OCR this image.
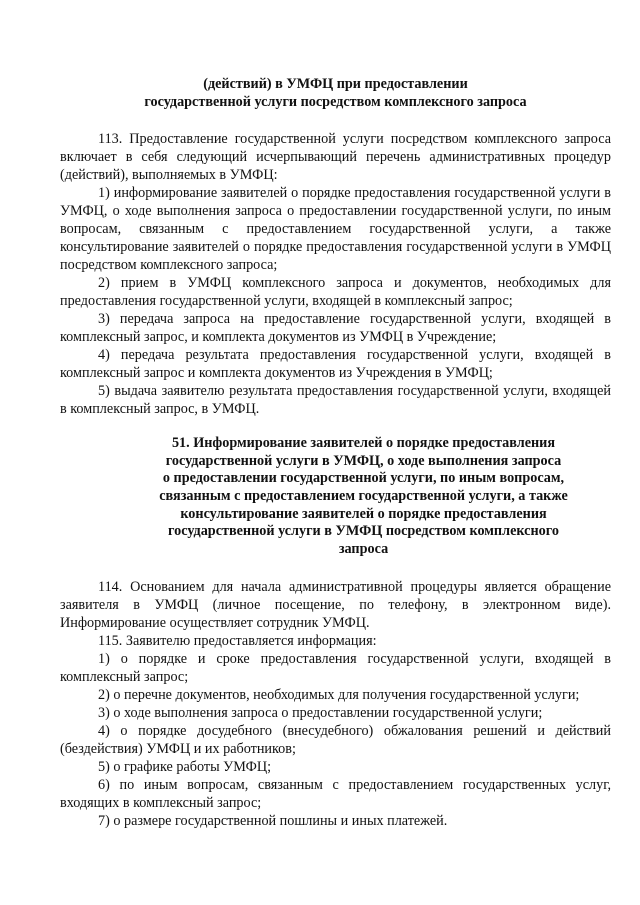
(действий) в УМФЦ при предоставлении
государственной услуги посредством комплексного запроса

113. Предоставление государственной услуги посредством комплексного запроса включает в себя следующий исчерпывающий перечень административных процедур (действий), выполняемых в УМФЦ:

1) информирование заявителей о порядке предоставления государственной услуги в УМФЦ, о ходе выполнения запроса о предоставлении государственной услуги, по иным вопросам, связанным с предоставлением государственной услуги, а также консультирование заявителей о порядке предоставления государственной услуги в УМФЦ посредством комплексного запроса;

2) прием в УМФЦ комплексного запроса и документов, необходимых для предоставления государственной услуги, входящей в комплексный запрос;

3) передача запроса на предоставление государственной услуги, входящей в комплексный запрос, и комплекта документов из УМФЦ в Учреждение;

4) передача результата предоставления государственной услуги, входящей в комплексный запрос и комплекта документов из Учреждения в УМФЦ;

5) выдача заявителю результата предоставления государственной услуги, входящей в комплексный запрос, в УМФЦ.

51. Информирование заявителей о порядке предоставления
государственной услуги в УМФЦ, о ходе выполнения запроса
о предоставлении государственной услуги, по иным вопросам,
связанным с предоставлением государственной услуги, а также
консультирование заявителей о порядке предоставления
государственной услуги в УМФЦ посредством комплексного
запроса

114. Основанием для начала административной процедуры является обращение заявителя в УМФЦ (личное посещение, по телефону, в электронном виде). Информирование осуществляет сотрудник УМФЦ.

115. Заявителю предоставляется информация:

1) о порядке и сроке предоставления государственной услуги, входящей в комплексный запрос;

2) о перечне документов, необходимых для получения государственной услуги;

3) о ходе выполнения запроса о предоставлении государственной услуги;

4) о порядке досудебного (внесудебного) обжалования решений и действий (бездействия) УМФЦ и их работников;

5) о графике работы УМФЦ;

6) по иным вопросам, связанным с предоставлением государственных услуг, входящих в комплексный запрос;

7) о размере государственной пошлины и иных платежей.
